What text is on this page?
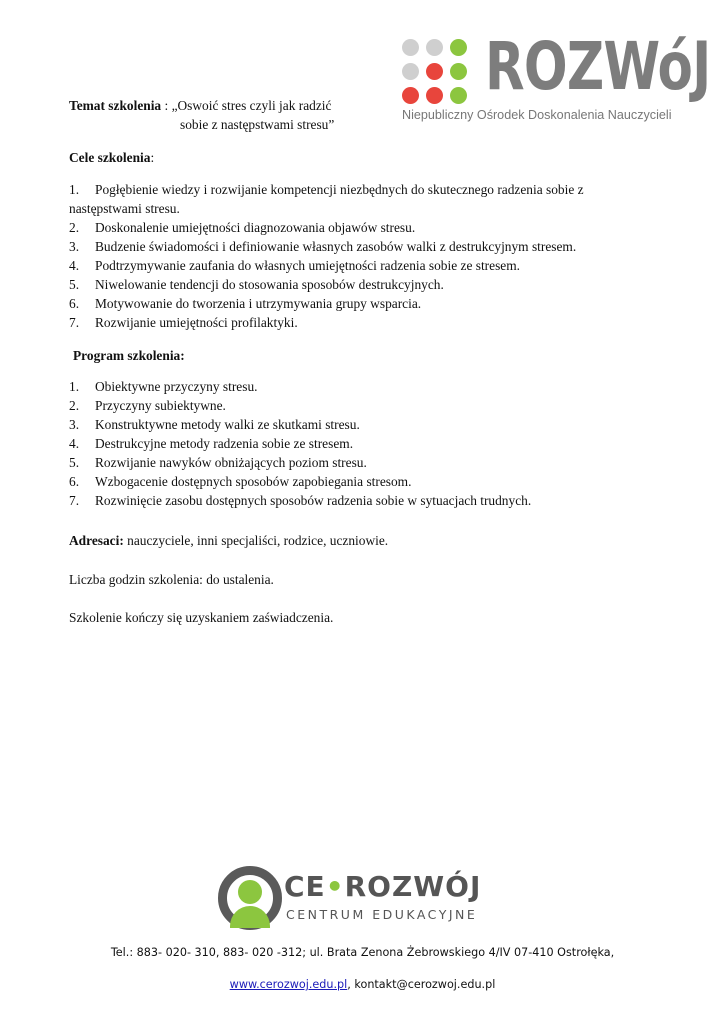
ROZWóJ
Niepubliczny Ośrodek Doskonalenia Nauczycieli
Temat szkolenia : „Oswoić stres czyli jak radzić
sobie z następstwami stresu”
Cele szkolenia:
1. Pogłębienie wiedzy i rozwijanie kompetencji niezbędnych do skutecznego radzenia sobie z
następstwami stresu.
2. Doskonalenie umiejętności diagnozowania objawów stresu.
3. Budzenie świadomości i definiowanie własnych zasobów walki z destrukcyjnym stresem.
4. Podtrzymywanie zaufania do własnych umiejętności radzenia sobie ze stresem.
5. Niwelowanie tendencji do stosowania sposobów destrukcyjnych.
6. Motywowanie do tworzenia i utrzymywania grupy wsparcia.
7. Rozwijanie umiejętności profilaktyki.
Program szkolenia:
1. Obiektywne przyczyny stresu.
2. Przyczyny subiektywne.
3. Konstruktywne metody walki ze skutkami stresu.
4. Destrukcyjne metody radzenia sobie ze stresem.
5. Rozwijanie nawyków obniżających poziom stresu.
6. Wzbogacenie dostępnych sposobów zapobiegania stresom.
7. Rozwinięcie zasobu dostępnych sposobów radzenia sobie w sytuacjach trudnych.
Adresaci: nauczyciele, inni specjaliści, rodzice, uczniowie.
Liczba godzin szkolenia: do ustalenia.
Szkolenie kończy się uzyskaniem zaświadczenia.
CE•ROZWÓJ
CENTRUM EDUKACYJNE
Tel.: 883- 020- 310, 883- 020 -312; ul. Brata Zenona Żebrowskiego 4/IV 07-410 Ostrołęka,
www.cerozwoj.edu.pl, kontakt@cerozwoj.edu.pl
